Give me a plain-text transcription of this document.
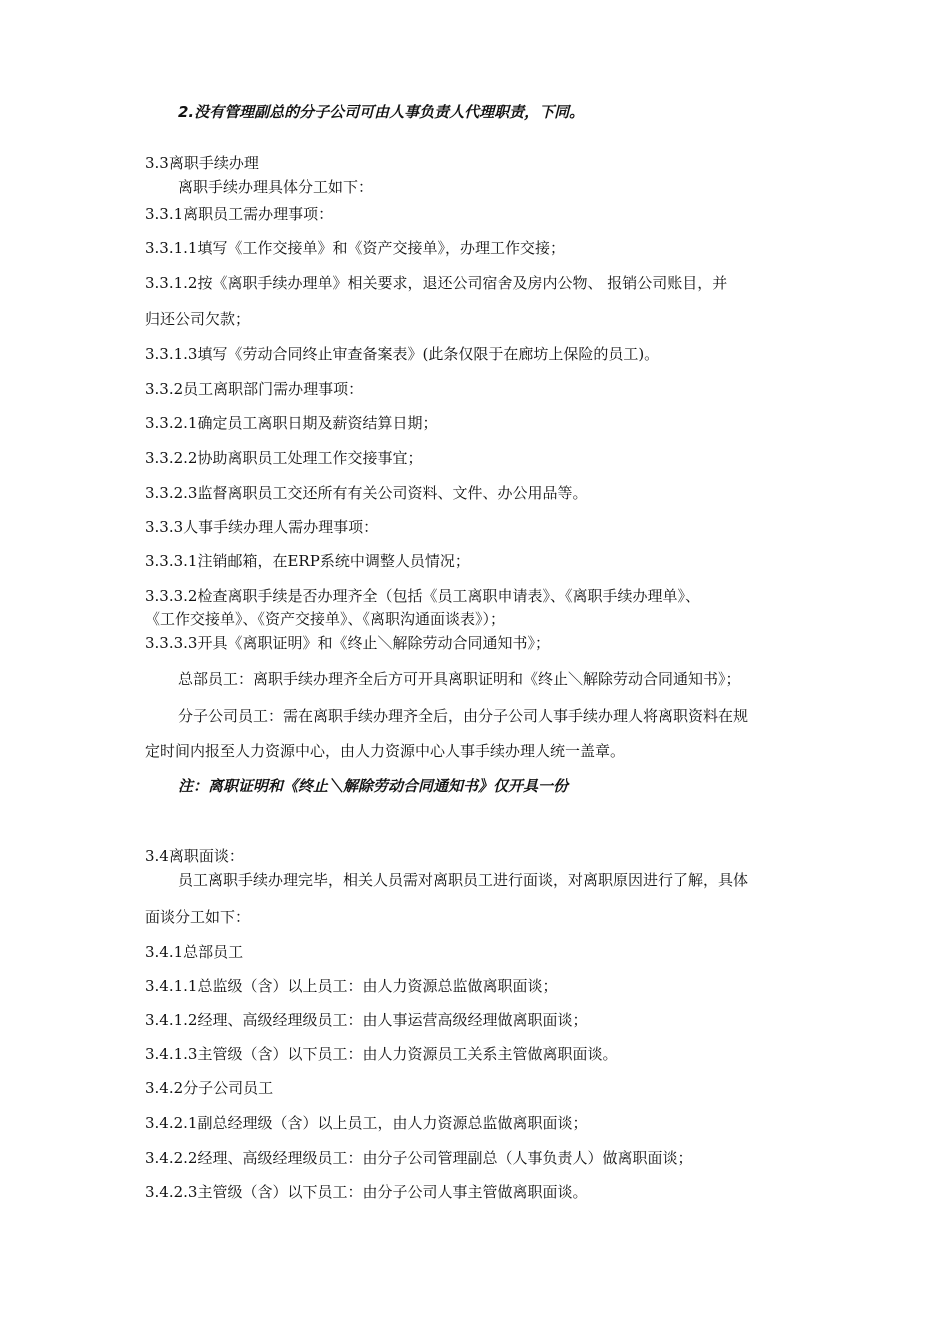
2.没有管理副总的分子公司可由人事负责人代理职责，下同。
3.3离职手续办理
离职手续办理具体分工如下：
3.3.1离职员工需办理事项：
3.3.1.1填写《工作交接单》和《资产交接单》，办理工作交接；
3.3.1.2按《离职手续办理单》相关要求，退还公司宿舍及房内公物、 报销公司账目，并
归还公司欠款；
3.3.1.3填写《劳动合同终止审查备案表》(此条仅限于在廊坊上保险的员工)。
3.3.2员工离职部门需办理事项：
3.3.2.1确定员工离职日期及薪资结算日期；
3.3.2.2协助离职员工处理工作交接事宜；
3.3.2.3监督离职员工交还所有有关公司资料、文件、办公用品等。
3.3.3人事手续办理人需办理事项：
3.3.3.1注销邮箱，在ERP系统中调整人员情况；
3.3.3.2检查离职手续是否办理齐全（包括《员工离职申请表》、《离职手续办理单》、
《工作交接单》、《资产交接单》、《离职沟通面谈表》）；
3.3.3.3开具《离职证明》和《终止＼解除劳动合同通知书》；
总部员工：离职手续办理齐全后方可开具离职证明和《终止＼解除劳动合同通知书》；
分子公司员工：需在离职手续办理齐全后，由分子公司人事手续办理人将离职资料在规
定时间内报至人力资源中心，由人力资源中心人事手续办理人统一盖章。
注：离职证明和《终止＼解除劳动合同通知书》仅开具一份
3.4离职面谈：
员工离职手续办理完毕，相关人员需对离职员工进行面谈，对离职原因进行了解，具体
面谈分工如下：
3.4.1总部员工
3.4.1.1总监级（含）以上员工：由人力资源总监做离职面谈；
3.4.1.2经理、高级经理级员工：由人事运营高级经理做离职面谈；
3.4.1.3主管级（含）以下员工：由人力资源员工关系主管做离职面谈。
3.4.2分子公司员工
3.4.2.1副总经理级（含）以上员工，由人力资源总监做离职面谈；
3.4.2.2经理、高级经理级员工：由分子公司管理副总（人事负责人）做离职面谈；
3.4.2.3主管级（含）以下员工：由分子公司人事主管做离职面谈。
